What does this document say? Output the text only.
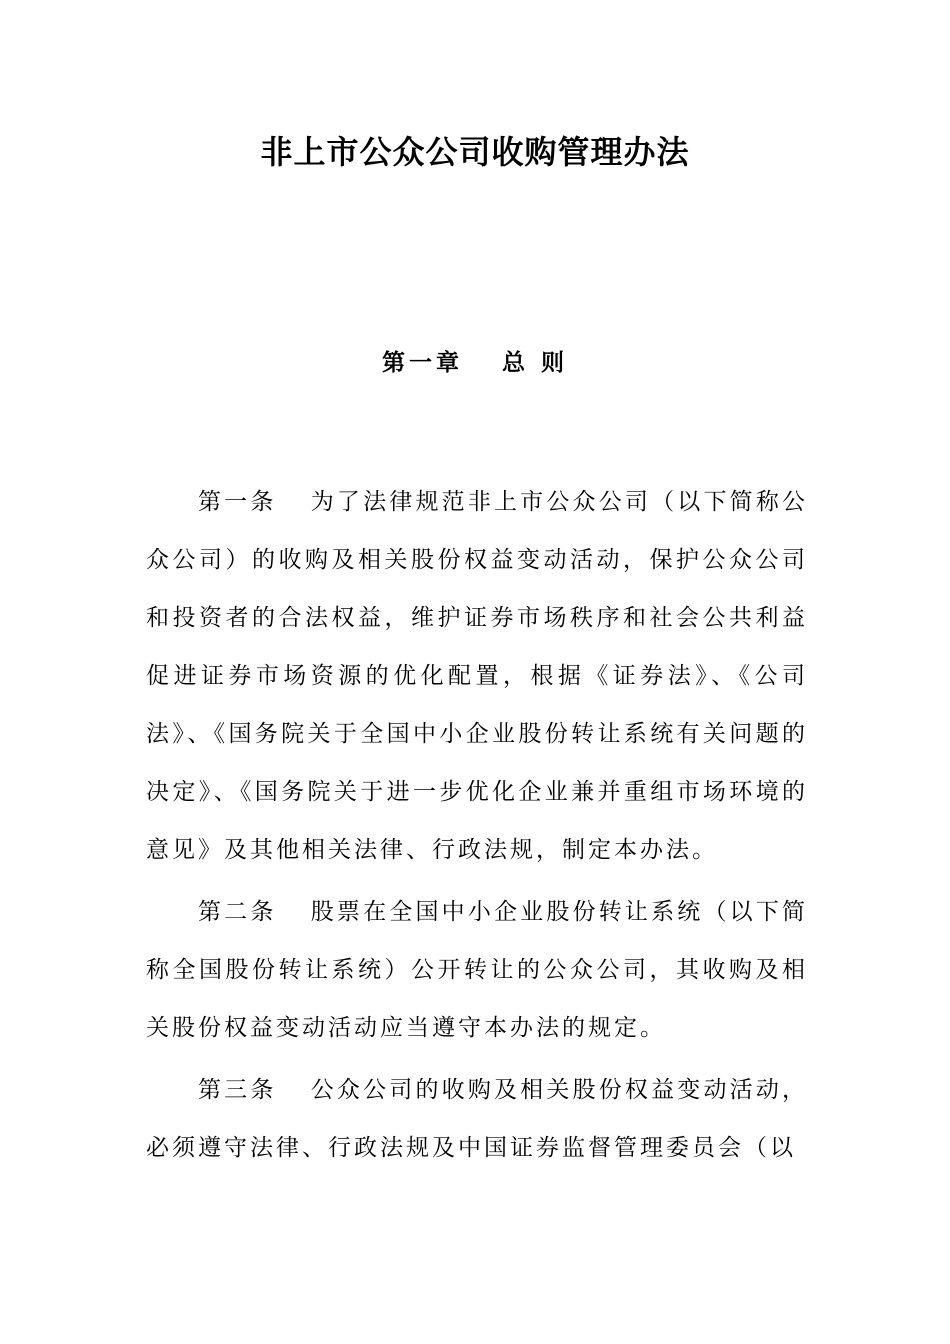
非上市公众公司收购管理办法
第一章　 总 则

第一条 为了法律规范非上市公众公司（以下简称公众公司）的收购及相关股份权益变动活动，保护公众公司和投资者的合法权益，维护证券市场秩序和社会公共利益促进证券市场资源的优化配置，根据《证券法》、《公司法》、《国务院关于全国中小企业股份转让系统有关问题的决定》、《国务院关于进一步优化企业兼并重组市场环境的意见》及其他相关法律、行政法规，制定本办法。

第二条 股票在全国中小企业股份转让系统（以下简称全国股份转让系统）公开转让的公众公司，其收购及相关股份权益变动活动应当遵守本办法的规定。

第三条 公众公司的收购及相关股份权益变动活动，必须遵守法律、行政法规及中国证券监督管理委员会（以
